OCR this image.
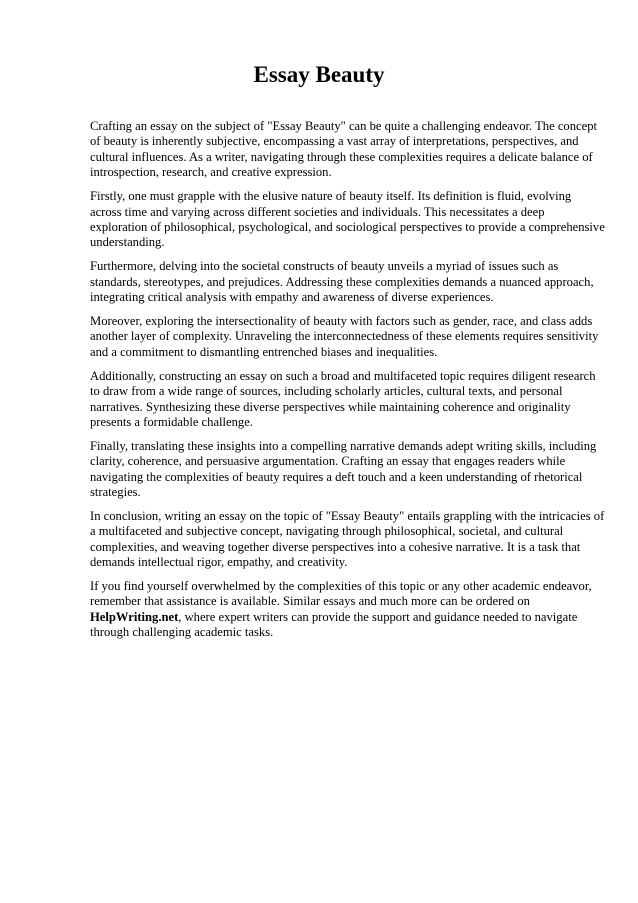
Essay Beauty

Crafting an essay on the subject of "Essay Beauty" can be quite a challenging endeavor. The concept of beauty is inherently subjective, encompassing a vast array of interpretations, perspectives, and cultural influences. As a writer, navigating through these complexities requires a delicate balance of introspection, research, and creative expression.

Firstly, one must grapple with the elusive nature of beauty itself. Its definition is fluid, evolving across time and varying across different societies and individuals. This necessitates a deep exploration of philosophical, psychological, and sociological perspectives to provide a comprehensive understanding.

Furthermore, delving into the societal constructs of beauty unveils a myriad of issues such as standards, stereotypes, and prejudices. Addressing these complexities demands a nuanced approach, integrating critical analysis with empathy and awareness of diverse experiences.

Moreover, exploring the intersectionality of beauty with factors such as gender, race, and class adds another layer of complexity. Unraveling the interconnectedness of these elements requires sensitivity and a commitment to dismantling entrenched biases and inequalities.

Additionally, constructing an essay on such a broad and multifaceted topic requires diligent research to draw from a wide range of sources, including scholarly articles, cultural texts, and personal narratives. Synthesizing these diverse perspectives while maintaining coherence and originality presents a formidable challenge.

Finally, translating these insights into a compelling narrative demands adept writing skills, including clarity, coherence, and persuasive argumentation. Crafting an essay that engages readers while navigating the complexities of beauty requires a deft touch and a keen understanding of rhetorical strategies.

In conclusion, writing an essay on the topic of "Essay Beauty" entails grappling with the intricacies of a multifaceted and subjective concept, navigating through philosophical, societal, and cultural complexities, and weaving together diverse perspectives into a cohesive narrative. It is a task that demands intellectual rigor, empathy, and creativity.

If you find yourself overwhelmed by the complexities of this topic or any other academic endeavor, remember that assistance is available. Similar essays and much more can be ordered on HelpWriting.net, where expert writers can provide the support and guidance needed to navigate through challenging academic tasks.
